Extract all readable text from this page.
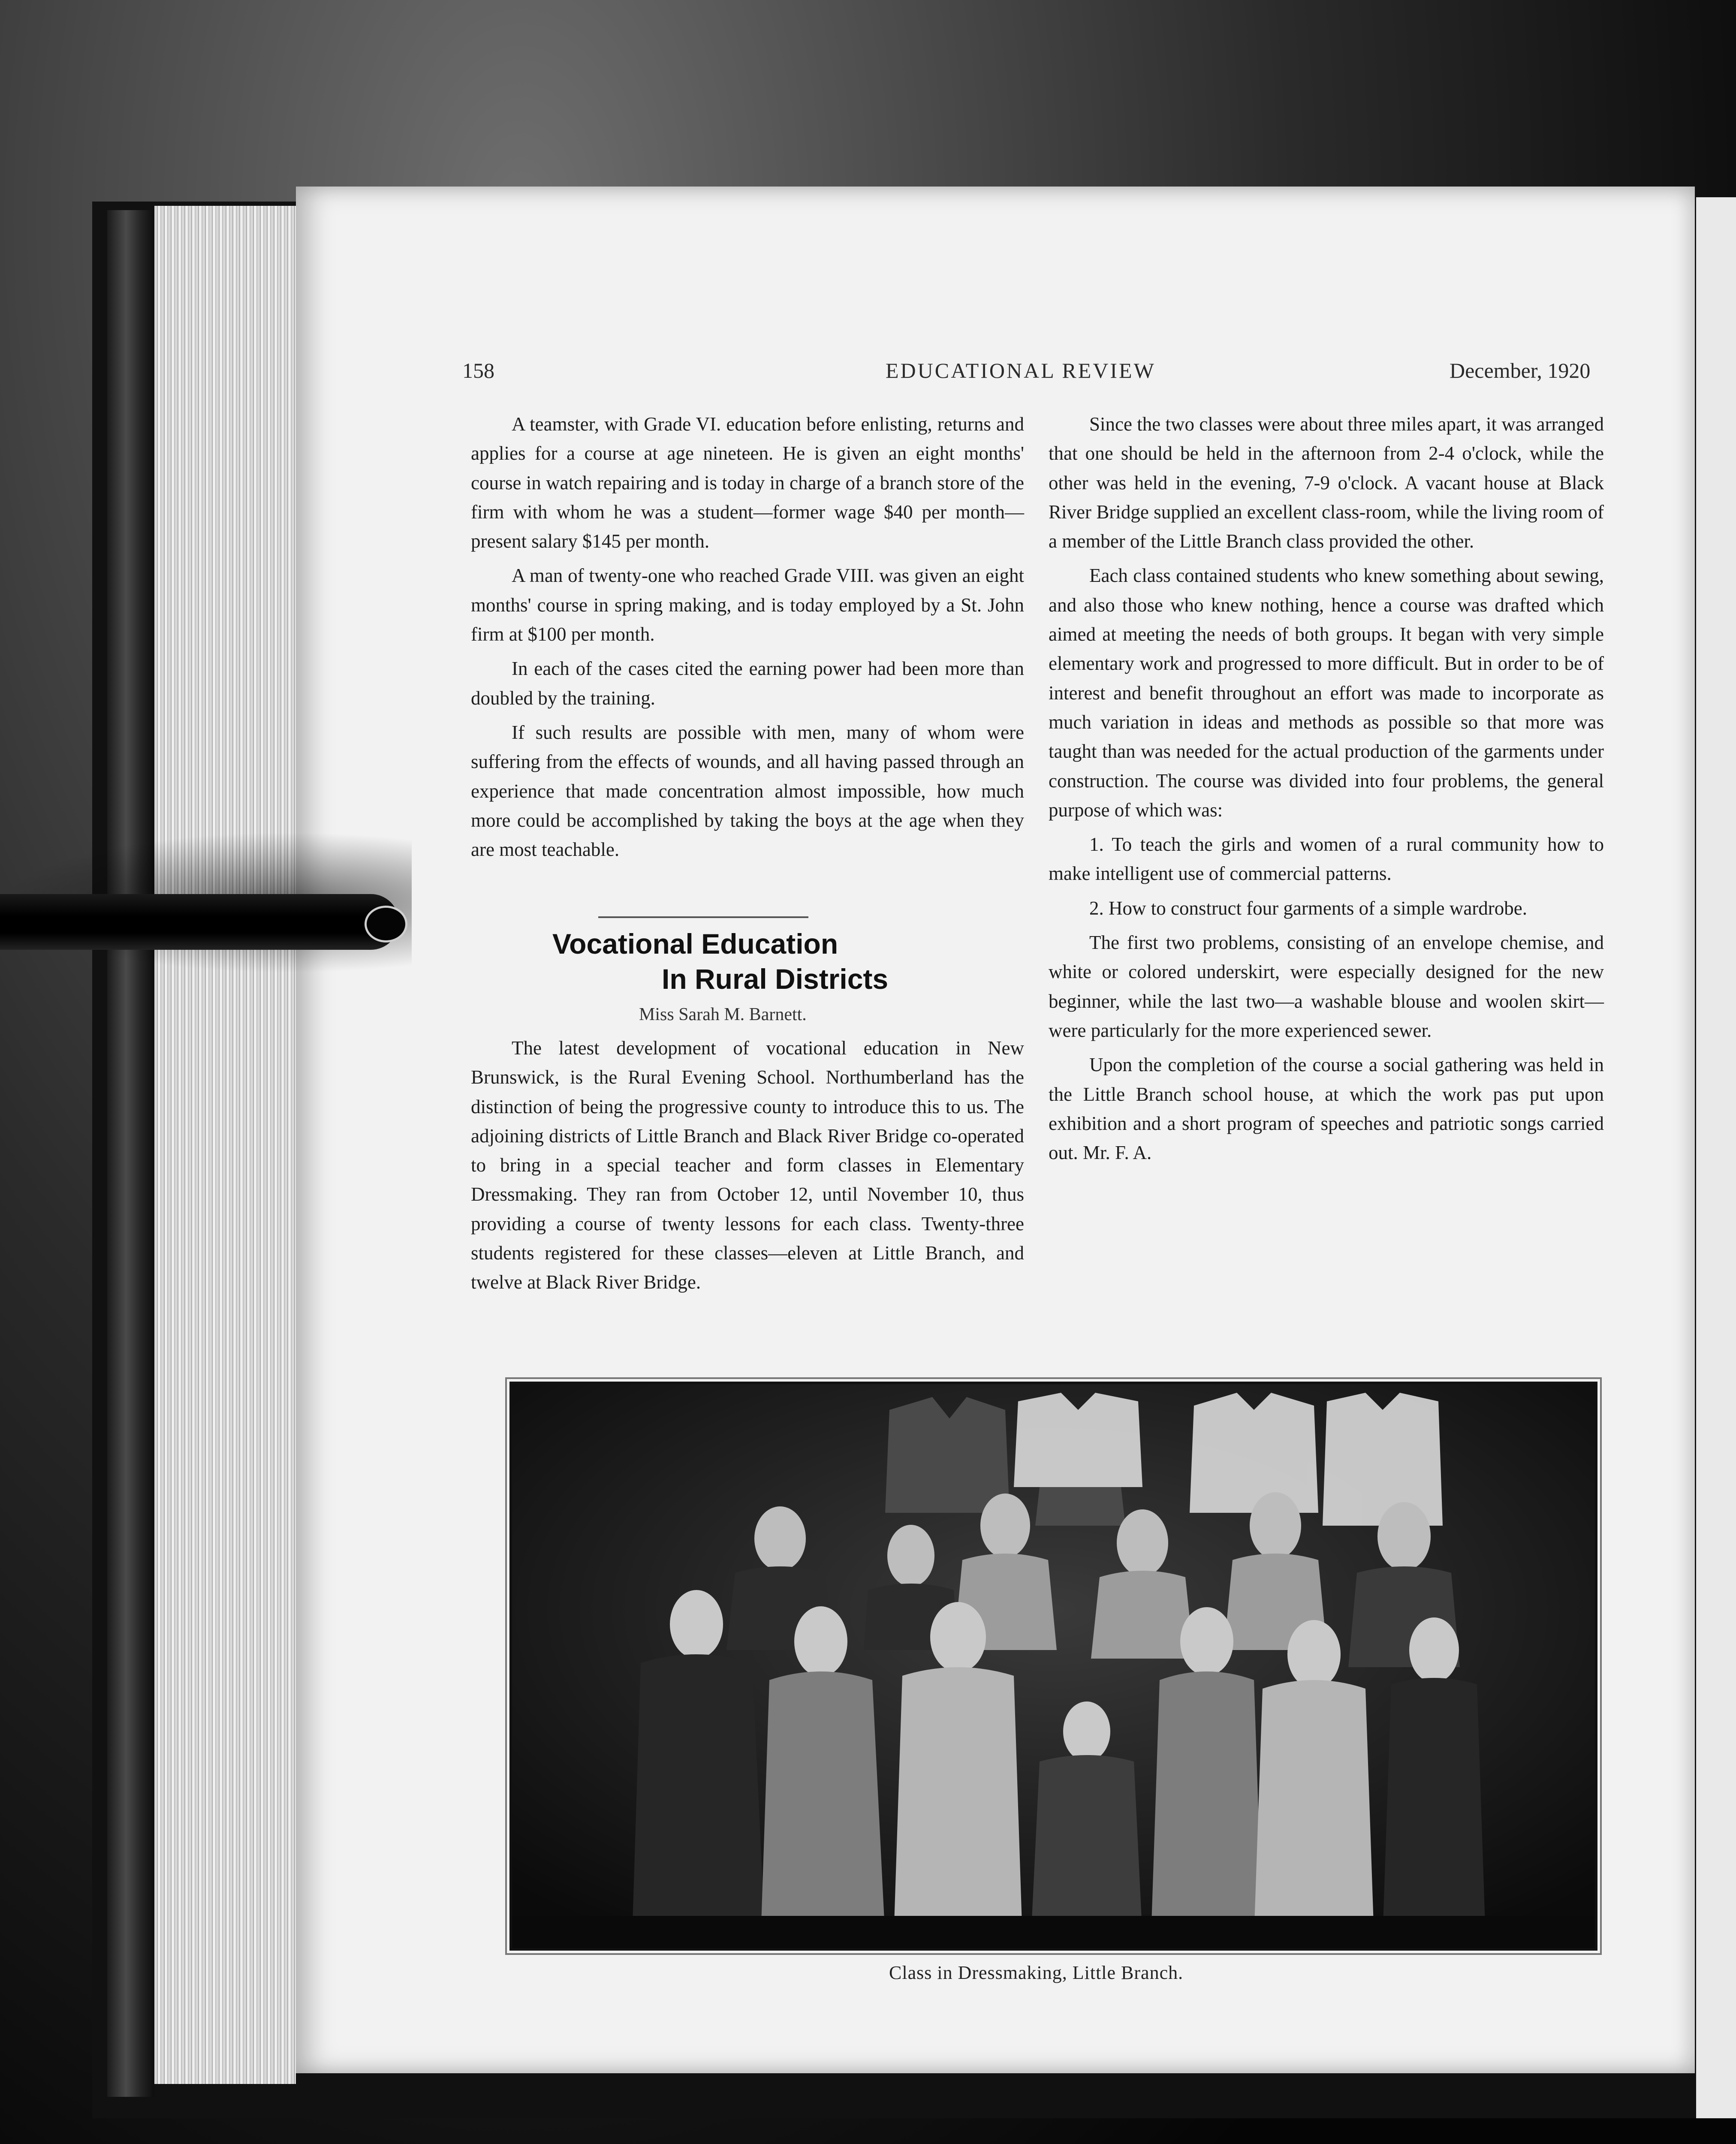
158	EDUCATIONAL REVIEW	December, 1920

A teamster, with Grade VI. education before enlisting, returns and applies for a course at age nineteen. He is given an eight months' course in watch repairing and is today in charge of a branch store of the firm with whom he was a student—former wage $40 per month—present salary $145 per month.

A man of twenty-one who reached Grade VIII. was given an eight months' course in spring making, and is today employed by a St. John firm at $100 per month.

In each of the cases cited the earning power had been more than doubled by the training.

If such results are possible with men, many of whom were suffering from the effects of wounds, and all having passed through an experience that made concentration almost impossible, how much more could be accomplished by taking the boys at the age when they are most teachable.

Vocational Education
In Rural Districts
Miss Sarah M. Barnett.

The latest development of vocational education in New Brunswick, is the Rural Evening School. Northumberland has the distinction of being the progressive county to introduce this to us. The adjoining districts of Little Branch and Black River Bridge co-operated to bring in a special teacher and form classes in Elementary Dressmaking. They ran from October 12, until November 10, thus providing a course of twenty lessons for each class. Twenty-three students registered for these classes—eleven at Little Branch, and twelve at Black River Bridge.

Since the two classes were about three miles apart, it was arranged that one should be held in the afternoon from 2-4 o'clock, while the other was held in the evening, 7-9 o'clock. A vacant house at Black River Bridge supplied an excellent class-room, while the living room of a member of the Little Branch class provided the other.

Each class contained students who knew something about sewing, and also those who knew nothing, hence a course was drafted which aimed at meeting the needs of both groups. It began with very simple elementary work and progressed to more difficult. But in order to be of interest and benefit throughout an effort was made to incorporate as much variation in ideas and methods as possible so that more was taught than was needed for the actual production of the garments under construction. The course was divided into four problems, the general purpose of which was:

1. To teach the girls and women of a rural community how to make intelligent use of commercial patterns.

2. How to construct four garments of a simple wardrobe.

The first two problems, consisting of an envelope chemise, and white or colored underskirt, were especially designed for the new beginner, while the last two—a washable blouse and woolen skirt—were particularly for the more experienced sewer.

Upon the completion of the course a social gathering was held in the Little Branch school house, at which the work pas put upon exhibition and a short program of speeches and patriotic songs carried out. Mr. F. A.

Class in Dressmaking, Little Branch.
